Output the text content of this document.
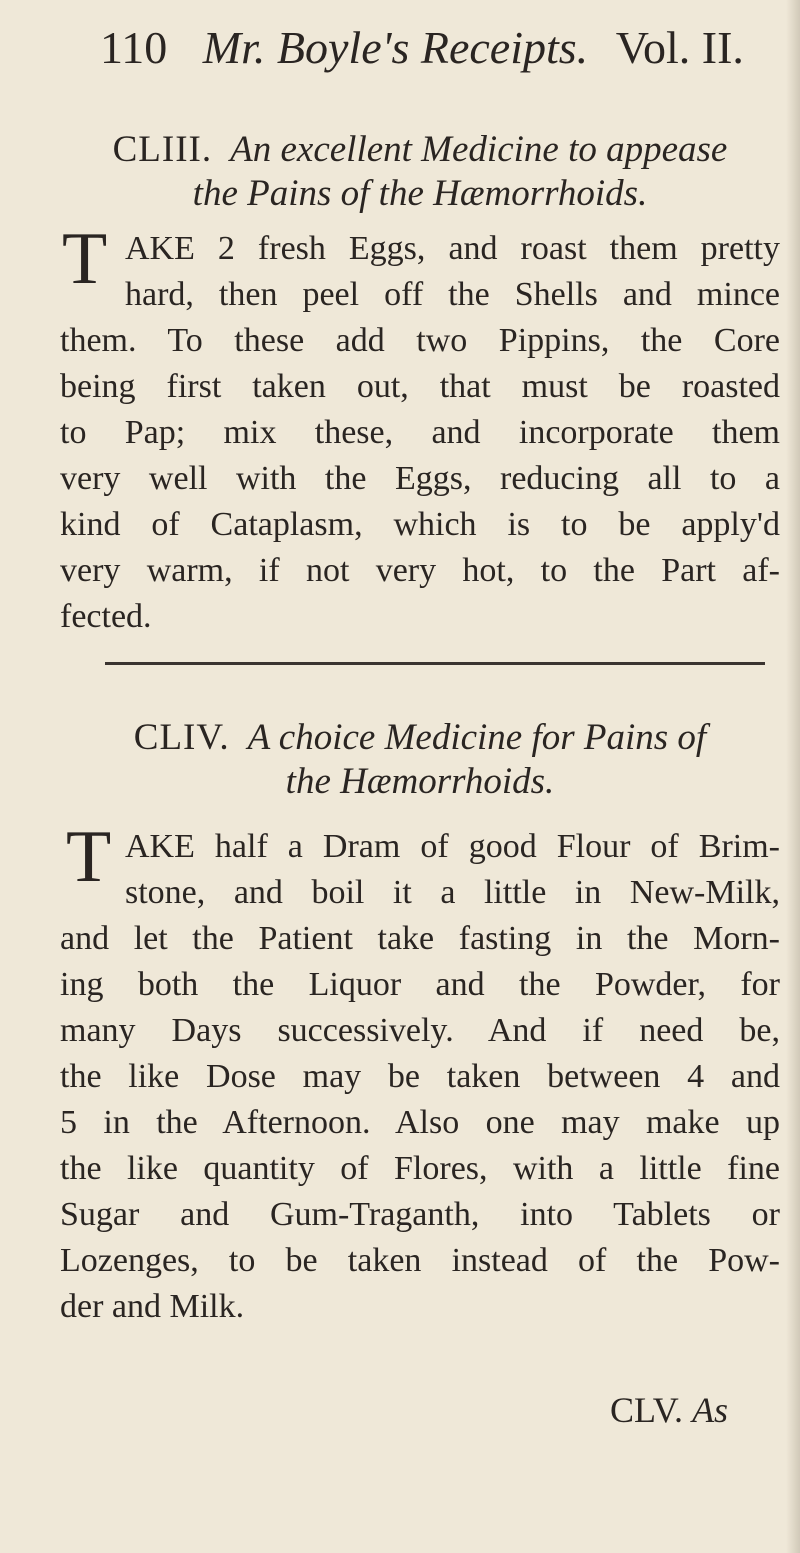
110 Mr. Boyle's Receipts. Vol. II.
CLIII. An excellent Medicine to appease
the Pains of the Hæmorrhoids.
T AKE 2 fresh Eggs, and roast them pretty
hard, then peel off the Shells and mince
them. To these add two Pippins, the Core
being first taken out, that must be roasted
to Pap; mix these, and incorporate them
very well with the Eggs, reducing all to a
kind of Cataplasm, which is to be apply'd
very warm, if not very hot, to the Part af-
fected.
CLIV. A choice Medicine for Pains of
the Hæmorrhoids.
T AKE half a Dram of good Flour of Brim-
stone, and boil it a little in New-Milk,
and let the Patient take fasting in the Morn-
ing both the Liquor and the Powder, for
many Days successively. And if need be,
the like Dose may be taken between 4 and
5 in the Afternoon. Also one may make up
the like quantity of Flores, with a little fine
Sugar and Gum-Traganth, into Tablets or
Lozenges, to be taken instead of the Pow-
der and Milk.
CLV. As
